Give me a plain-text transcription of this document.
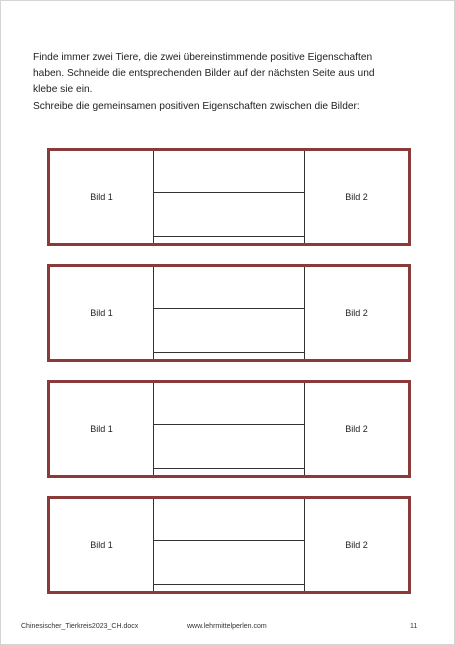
Finde immer zwei Tiere, die zwei übereinstimmende positive Eigenschaften

haben. Schneide die entsprechenden Bilder auf der nächsten Seite aus und

klebe sie ein.

Schreibe die gemeinsamen positiven Eigenschaften zwischen die Bilder:

Bild 1	Bild 2
Bild 1	Bild 2
Bild 1	Bild 2
Bild 1	Bild 2
Chinesischer_Tierkreis2023_CH.docx	www.lehrmittelperlen.com	11
